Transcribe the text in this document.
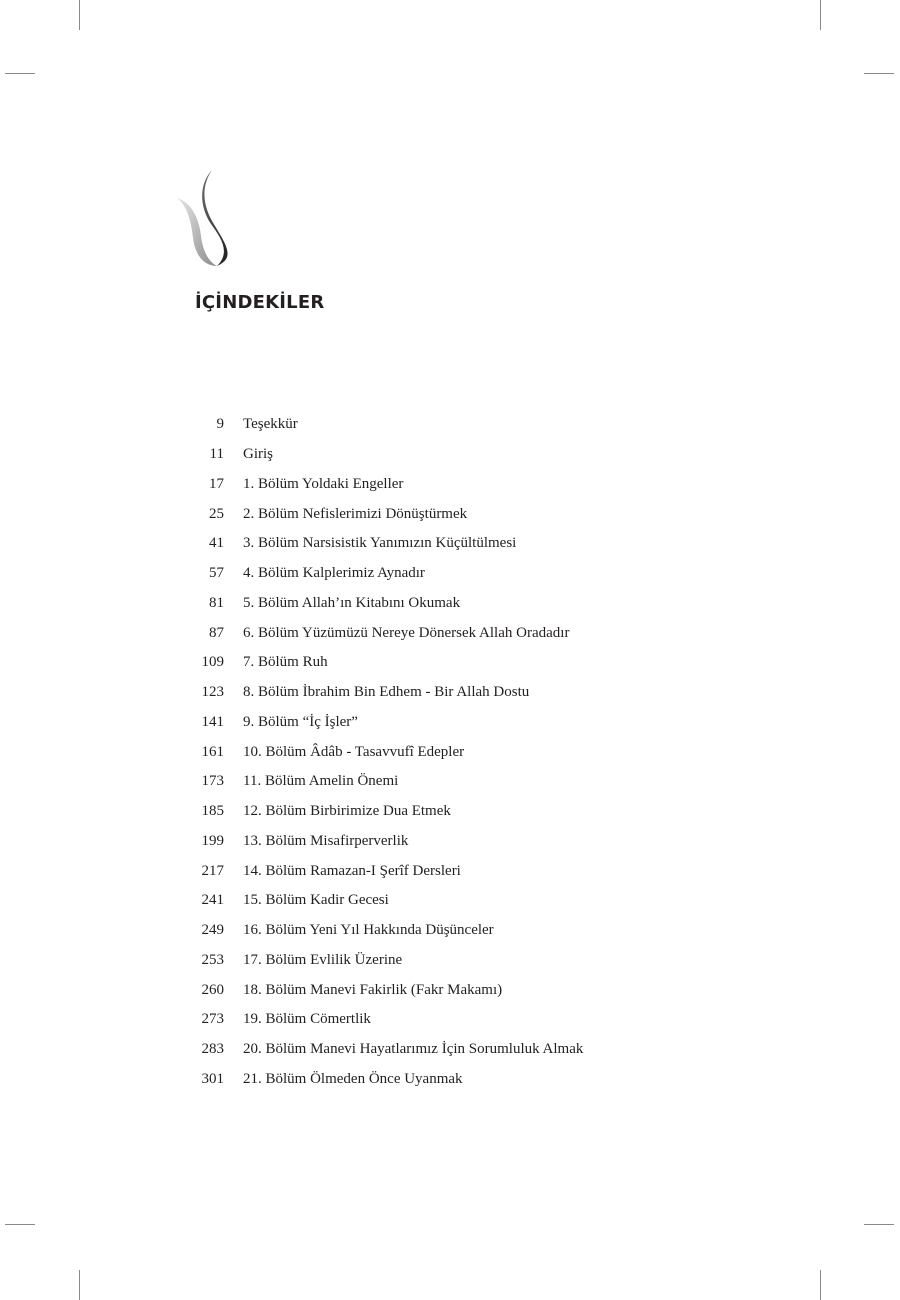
İÇİNDEKİLER
9 Teşekkür
11 Giriş
17 1. Bölüm Yoldaki Engeller
25 2. Bölüm Nefislerimizi Dönüştürmek
41 3. Bölüm Narsisistik Yanımızın Küçültülmesi
57 4. Bölüm Kalplerimiz Aynadır
81 5. Bölüm Allah’ın Kitabını Okumak
87 6. Bölüm Yüzümüzü Nereye Dönersek Allah Oradadır
109 7. Bölüm Ruh
123 8. Bölüm İbrahim Bin Edhem - Bir Allah Dostu
141 9. Bölüm “İç İşler”
161 10. Bölüm Âdâb - Tasavvufî Edepler
173 11. Bölüm Amelin Önemi
185 12. Bölüm Birbirimize Dua Etmek
199 13. Bölüm Misafirperverlik
217 14. Bölüm Ramazan-I Şerîf Dersleri
241 15. Bölüm Kadir Gecesi
249 16. Bölüm Yeni Yıl Hakkında Düşünceler
253 17. Bölüm Evlilik Üzerine
260 18. Bölüm Manevi Fakirlik (Fakr Makamı)
273 19. Bölüm Cömertlik
283 20. Bölüm Manevi Hayatlarımız İçin Sorumluluk Almak
301 21. Bölüm Ölmeden Önce Uyanmak
